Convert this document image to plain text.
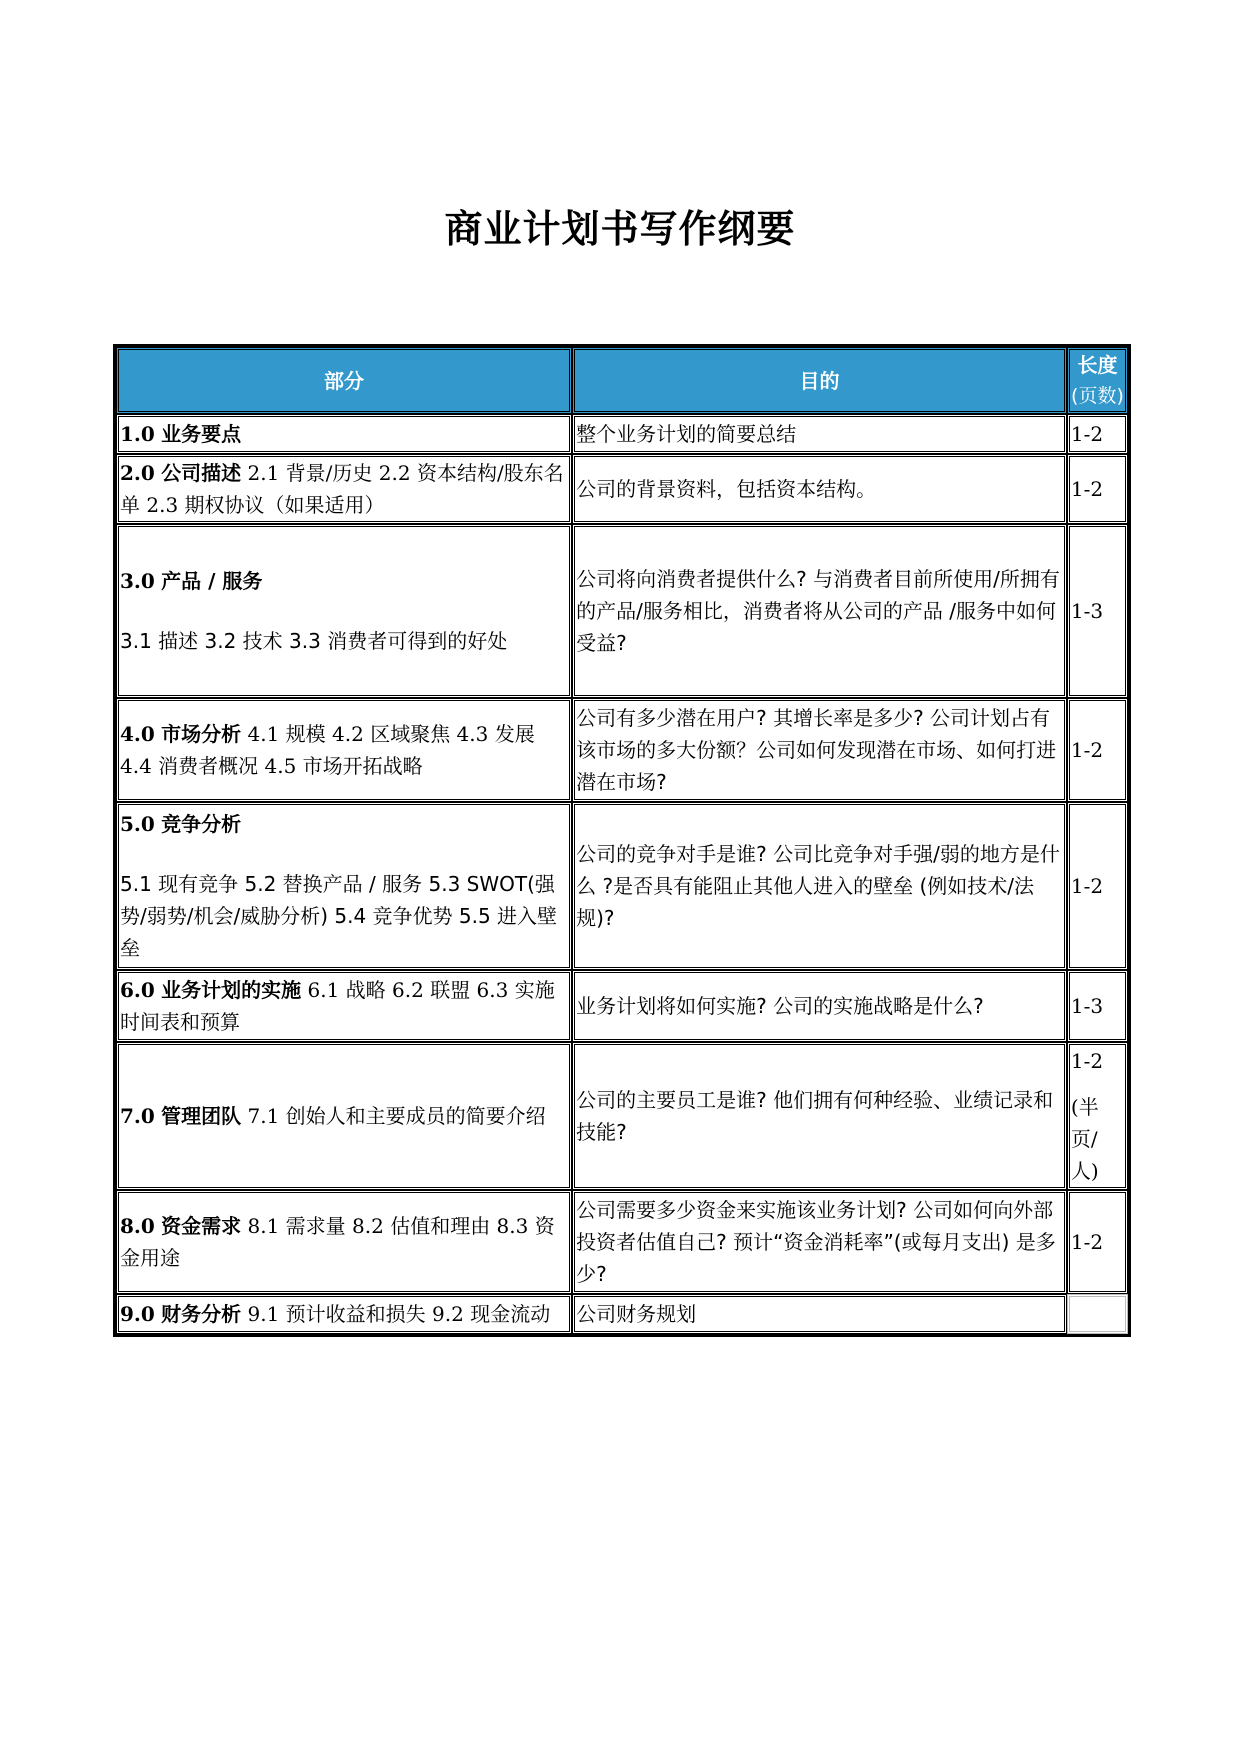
商业计划书写作纲要
部分	目的	长度
(页数)
1.0 业务要点	整个业务计划的简要总结	1-2
2.0 公司描述 2.1 背景/历史 2.2 资本结构/股东名单 2.3 期权协议（如果适用）	公司的背景资料，包括资本结构。	1-2
3.0 产品 / 服务
3.1 描述 3.2 技术 3.3 消费者可得到的好处	公司将向消费者提供什么? 与消费者目前所使用/所拥有的产品/服务相比，消费者将从公司的产品 /服务中如何受益?	1-3
4.0 市场分析 4.1 规模 4.2 区域聚焦 4.3 发展 4.4 消费者概况 4.5 市场开拓战略	公司有多少潜在用户? 其增长率是多少? 公司计划占有该市场的多大份额？公司如何发现潜在市场、如何打进潜在市场?	1-2
5.0 竞争分析
5.1 现有竞争 5.2 替换产品 / 服务 5.3 SWOT(强势/弱势/机会/威胁分析) 5.4 竞争优势 5.5 进入壁垒	公司的竞争对手是谁? 公司比竞争对手强/弱的地方是什么 ?是否具有能阻止其他人进入的壁垒 (例如技术/法规)?	1-2
6.0 业务计划的实施 6.1 战略 6.2 联盟 6.3 实施时间表和预算	业务计划将如何实施? 公司的实施战略是什么?	1-3
7.0 管理团队 7.1 创始人和主要成员的简要介绍	公司的主要员工是谁? 他们拥有何种经验、业绩记录和技能?	1-2
(半页/人)
8.0 资金需求 8.1 需求量 8.2 估值和理由 8.3 资金用途	公司需要多少资金来实施该业务计划? 公司如何向外部投资者估值自己? 预计“资金消耗率”(或每月支出) 是多少?	1-2
9.0 财务分析 9.1 预计收益和损失 9.2 现金流动	公司财务规划	
